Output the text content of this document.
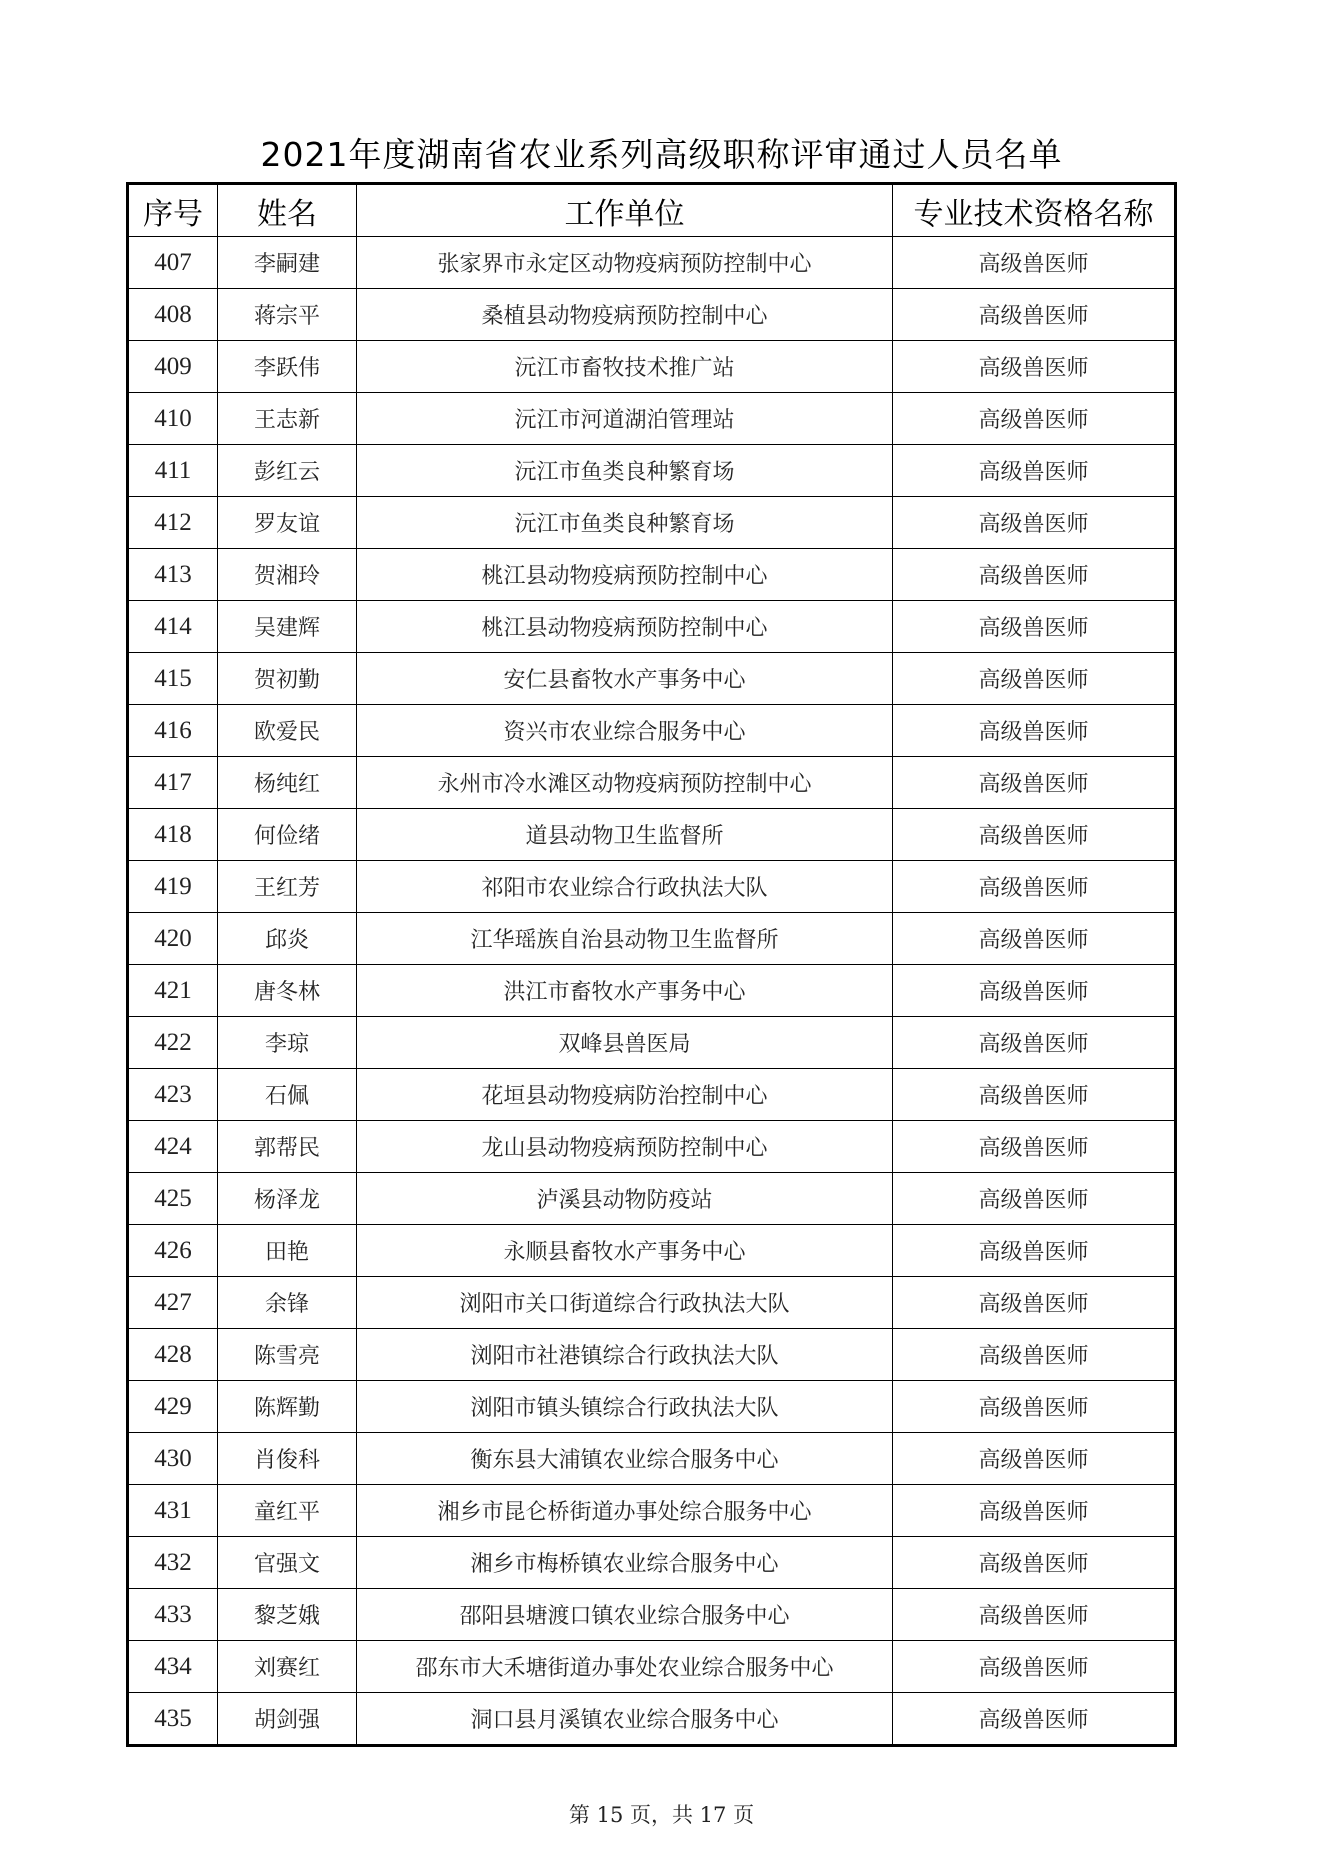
2021年度湖南省农业系列高级职称评审通过人员名单
序号	姓名	工作单位	专业技术资格名称
407	李嗣建	张家界市永定区动物疫病预防控制中心	高级兽医师
408	蒋宗平	桑植县动物疫病预防控制中心	高级兽医师
409	李跃伟	沅江市畜牧技术推广站	高级兽医师
410	王志新	沅江市河道湖泊管理站	高级兽医师
411	彭红云	沅江市鱼类良种繁育场	高级兽医师
412	罗友谊	沅江市鱼类良种繁育场	高级兽医师
413	贺湘玲	桃江县动物疫病预防控制中心	高级兽医师
414	吴建辉	桃江县动物疫病预防控制中心	高级兽医师
415	贺初勤	安仁县畜牧水产事务中心	高级兽医师
416	欧爱民	资兴市农业综合服务中心	高级兽医师
417	杨纯红	永州市冷水滩区动物疫病预防控制中心	高级兽医师
418	何俭绪	道县动物卫生监督所	高级兽医师
419	王红芳	祁阳市农业综合行政执法大队	高级兽医师
420	邱炎	江华瑶族自治县动物卫生监督所	高级兽医师
421	唐冬林	洪江市畜牧水产事务中心	高级兽医师
422	李琼	双峰县兽医局	高级兽医师
423	石佩	花垣县动物疫病防治控制中心	高级兽医师
424	郭帮民	龙山县动物疫病预防控制中心	高级兽医师
425	杨泽龙	泸溪县动物防疫站	高级兽医师
426	田艳	永顺县畜牧水产事务中心	高级兽医师
427	余锋	浏阳市关口街道综合行政执法大队	高级兽医师
428	陈雪亮	浏阳市社港镇综合行政执法大队	高级兽医师
429	陈辉勤	浏阳市镇头镇综合行政执法大队	高级兽医师
430	肖俊科	衡东县大浦镇农业综合服务中心	高级兽医师
431	童红平	湘乡市昆仑桥街道办事处综合服务中心	高级兽医师
432	官强文	湘乡市梅桥镇农业综合服务中心	高级兽医师
433	黎芝娥	邵阳县塘渡口镇农业综合服务中心	高级兽医师
434	刘赛红	邵东市大禾塘街道办事处农业综合服务中心	高级兽医师
435	胡剑强	洞口县月溪镇农业综合服务中心	高级兽医师
第 15 页，共 17 页
